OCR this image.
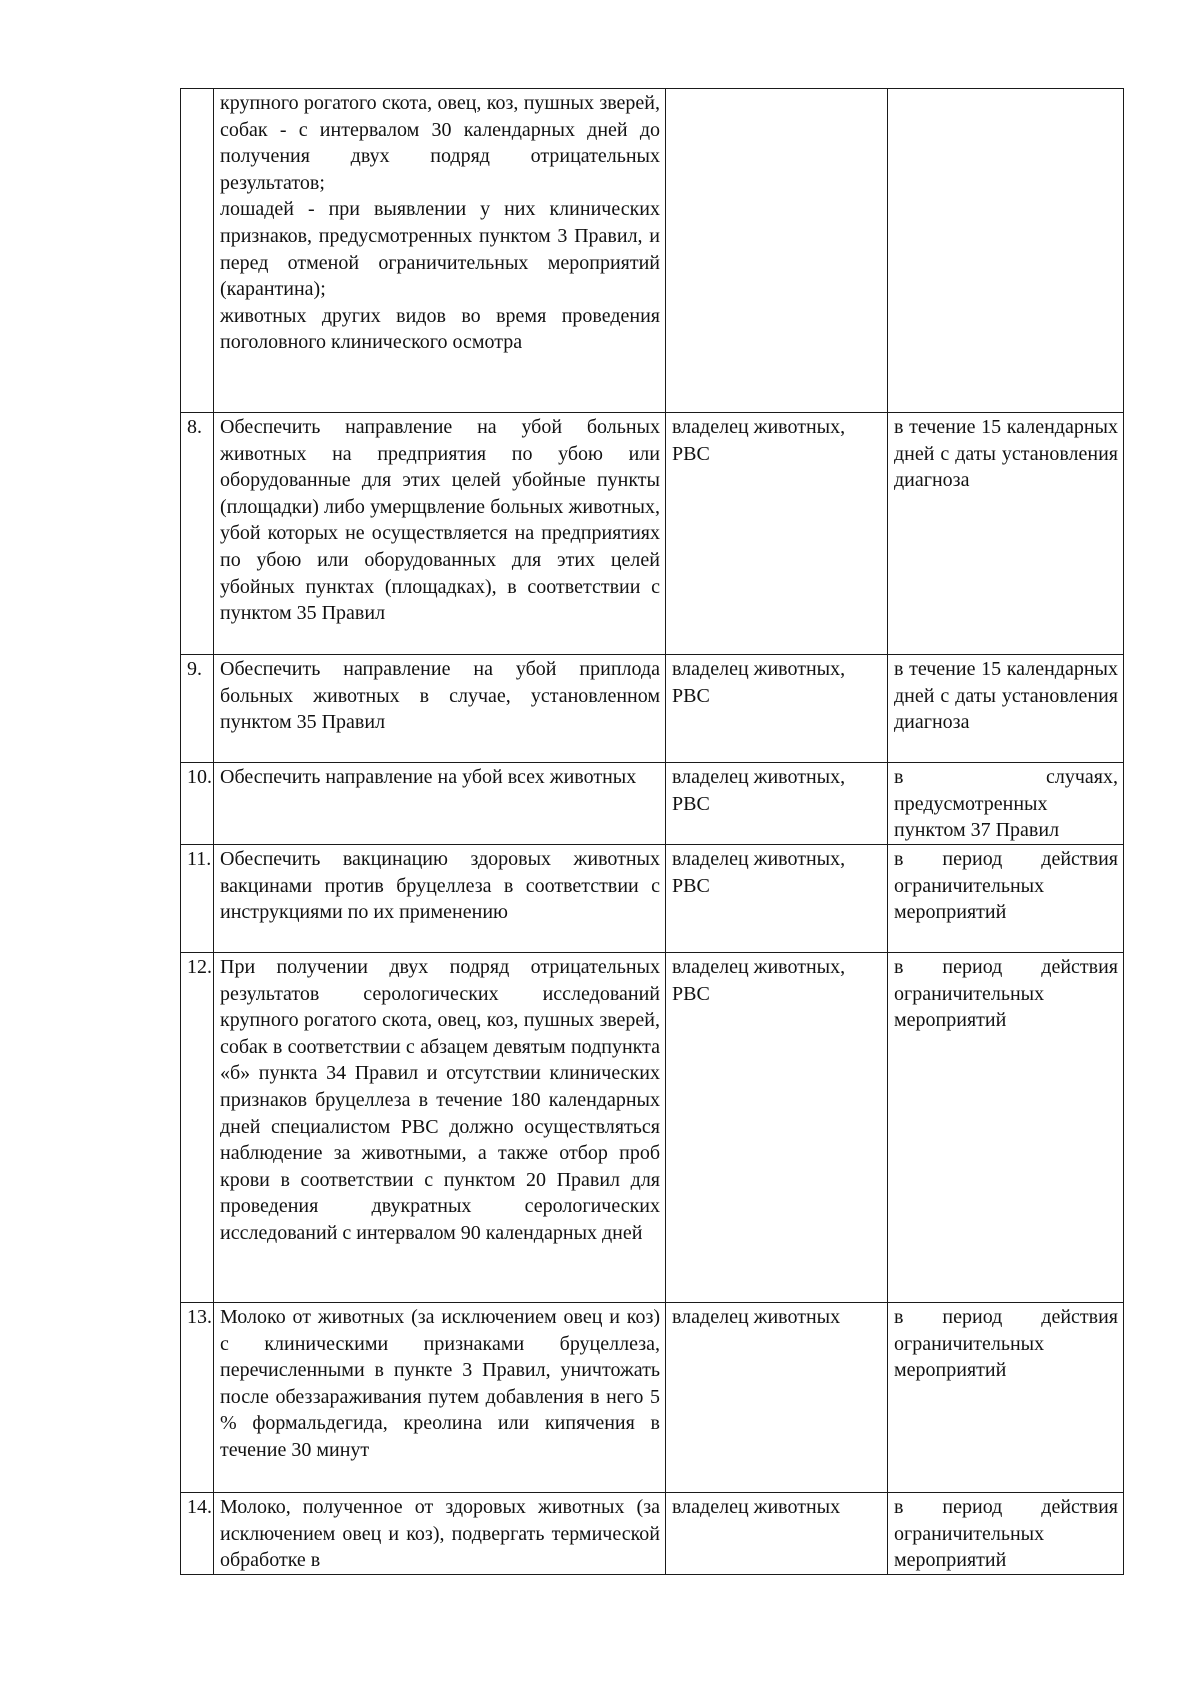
	крупного рогатого скота, овец, коз, пушных зверей, собак - с интервалом 30 календарных дней до получения двух подряд отрицательных результатов;
лошадей - при выявлении у них клинических признаков, предусмотренных пунктом 3 Правил, и перед отменой ограничительных мероприятий (карантина);
животных других видов во время проведения поголовного клинического осмотра		

8.	Обеспечить направление на убой больных животных на предприятия по убою или оборудованные для этих целей убойные пункты (площадки) либо умерщвление больных животных, убой которых не осуществляется на предприятиях по убою или оборудованных для этих целей убойных пунктах (площадках), в соответствии с пунктом 35 Правил	владелец животных, РВС	в течение 15 календарных дней с даты установления диагноза
9.	Обеспечить направление на убой приплода больных животных в случае, установленном пунктом 35 Правил	владелец животных, РВС	в течение 15 календарных дней с даты установления диагноза
10.	Обеспечить направление на убой всех животных	владелец животных, РВС	в случаях, предусмотренных пунктом 37 Правил
11.	Обеспечить вакцинацию здоровых животных вакцинами против бруцеллеза в соответствии с инструкциями по их применению	владелец животных, РВС	в период действия ограничительных мероприятий
12.	При получении двух подряд отрицательных результатов серологических исследований крупного рогатого скота, овец, коз, пушных зверей, собак в соответствии с абзацем девятым подпункта «б» пункта 34 Правил и отсутствии клинических признаков бруцеллеза в течение 180 календарных дней специалистом РВС должно осуществляться наблюдение за животными, а также отбор проб крови в соответствии с пунктом 20 Правил для проведения двукратных серологических исследований с интервалом 90 календарных дней	владелец животных, РВС	в период действия ограничительных мероприятий
13.	Молоко от животных (за исключением овец и коз) с клиническими признаками бруцеллеза, перечисленными в пункте 3 Правил, уничтожать после обеззараживания путем добавления в него 5 % формальдегида, креолина или кипячения в течение 30 минут	владелец животных	в период действия ограничительных мероприятий
14.	Молоко, полученное от здоровых животных (за исключением овец и коз), подвергать термической обработке в	владелец животных	в период действия ограничительных мероприятий
